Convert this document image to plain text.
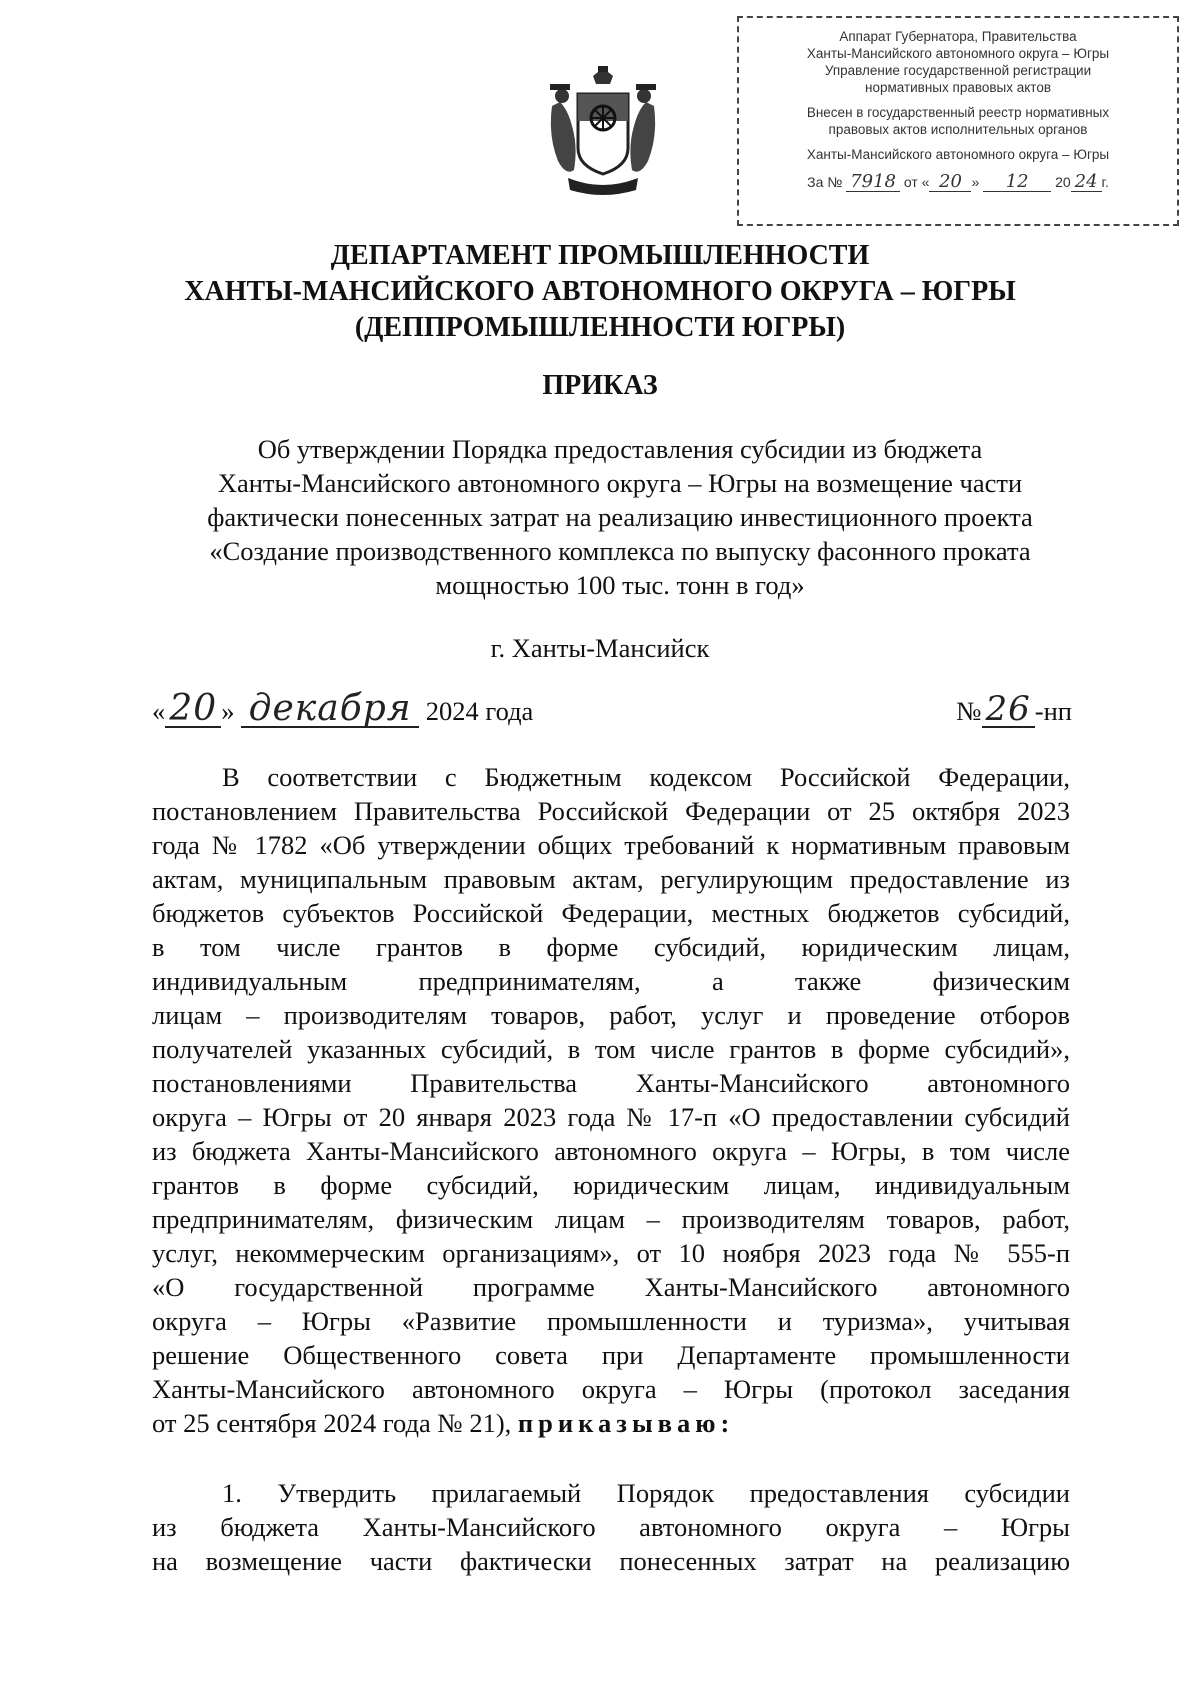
Аппарат Губернатора, Правительства
Ханты-Мансийского автономного округа – Югры
Управление государственной регистрации
нормативных правовых актов
Внесен в государственный реестр нормативных
правовых актов исполнительных органов
Ханты-Мансийского автономного округа – Югры
За № 7918 от « 20 » 12 20 24 г.
ДЕПАРТАМЕНТ ПРОМЫШЛЕННОСТИ
ХАНТЫ-МАНСИЙСКОГО АВТОНОМНОГО ОКРУГА – ЮГРЫ
(ДЕППРОМЫШЛЕННОСТИ ЮГРЫ)
ПРИКАЗ
Об утверждении Порядка предоставления субсидии из бюджета
Ханты-Мансийского автономного округа – Югры на возмещение части
фактически понесенных затрат на реализацию инвестиционного проекта
«Создание производственного комплекса по выпуску фасонного проката
мощностью 100 тыс. тонн в год»
г. Ханты-Мансийск
« 20 » декабря 2024 года	№ 26 -нп
В соответствии с Бюджетным кодексом Российской Федерации,
постановлением Правительства Российской Федерации от 25 октября 2023
года № 1782 «Об утверждении общих требований к нормативным правовым
актам, муниципальным правовым актам, регулирующим предоставление из
бюджетов субъектов Российской Федерации, местных бюджетов субсидий,
в том числе грантов в форме субсидий, юридическим лицам,
индивидуальным предпринимателям, а также физическим
лицам – производителям товаров, работ, услуг и проведение отборов
получателей указанных субсидий, в том числе грантов в форме субсидий»,
постановлениями Правительства Ханты-Мансийского автономного
округа – Югры от 20 января 2023 года № 17-п «О предоставлении субсидий
из бюджета Ханты-Мансийского автономного округа – Югры, в том числе
грантов в форме субсидий, юридическим лицам, индивидуальным
предпринимателям, физическим лицам – производителям товаров, работ,
услуг, некоммерческим организациям», от 10 ноября 2023 года № 555-п
«О государственной программе Ханты-Мансийского автономного
округа – Югры «Развитие промышленности и туризма», учитывая
решение Общественного совета при Департаменте промышленности
Ханты-Мансийского автономного округа – Югры (протокол заседания
от 25 сентября 2024 года № 21), приказываю:
1. Утвердить прилагаемый Порядок предоставления субсидии
из бюджета Ханты-Мансийского автономного округа – Югры
на возмещение части фактически понесенных затрат на реализацию
